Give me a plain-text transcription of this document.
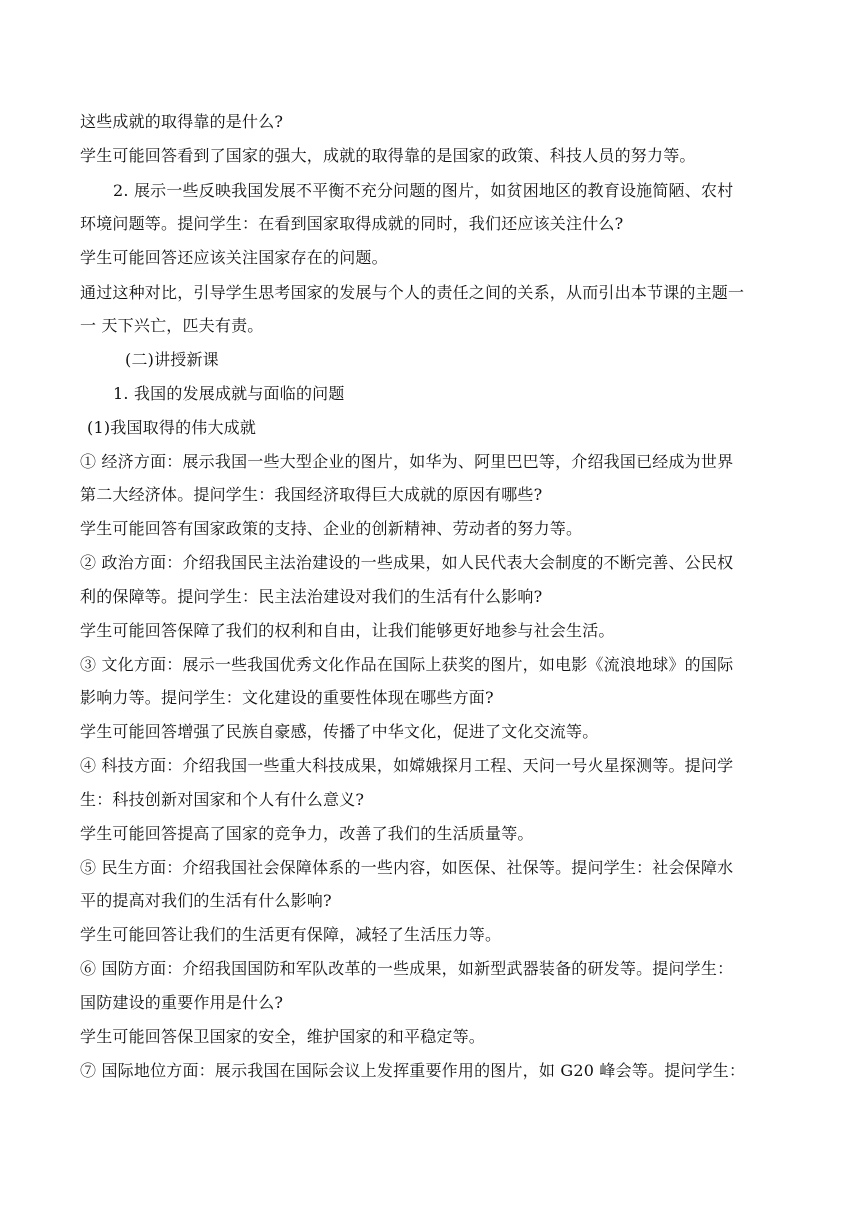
这些成就的取得靠的是什么?
学生可能回答看到了国家的强大，成就的取得靠的是国家的政策、科技人员的努力等。
2. 展示一些反映我国发展不平衡不充分问题的图片，如贫困地区的教育设施简陋、农村
环境问题等。提问学生：在看到国家取得成就的同时，我们还应该关注什么?
学生可能回答还应该关注国家存在的问题。
通过这种对比，引导学生思考国家的发展与个人的责任之间的关系，从而引出本节课的主题一
一 天下兴亡，匹夫有责。
(二)讲授新课
1. 我国的发展成就与面临的问题
(1)我国取得的伟大成就
① 经济方面：展示我国一些大型企业的图片，如华为、阿里巴巴等，介绍我国已经成为世界
第二大经济体。提问学生：我国经济取得巨大成就的原因有哪些?
学生可能回答有国家政策的支持、企业的创新精神、劳动者的努力等。
② 政治方面：介绍我国民主法治建设的一些成果，如人民代表大会制度的不断完善、公民权
利的保障等。提问学生：民主法治建设对我们的生活有什么影响?
学生可能回答保障了我们的权利和自由，让我们能够更好地参与社会生活。
③ 文化方面：展示一些我国优秀文化作品在国际上获奖的图片，如电影《流浪地球》的国际
影响力等。提问学生：文化建设的重要性体现在哪些方面?
学生可能回答增强了民族自豪感，传播了中华文化，促进了文化交流等。
④ 科技方面：介绍我国一些重大科技成果，如嫦娥探月工程、天问一号火星探测等。提问学
生：科技创新对国家和个人有什么意义?
学生可能回答提高了国家的竞争力，改善了我们的生活质量等。
⑤ 民生方面：介绍我国社会保障体系的一些内容，如医保、社保等。提问学生：社会保障水
平的提高对我们的生活有什么影响?
学生可能回答让我们的生活更有保障，减轻了生活压力等。
⑥ 国防方面：介绍我国国防和军队改革的一些成果，如新型武器装备的研发等。提问学生：
国防建设的重要作用是什么?
学生可能回答保卫国家的安全，维护国家的和平稳定等。
⑦ 国际地位方面：展示我国在国际会议上发挥重要作用的图片，如 G20 峰会等。提问学生：
